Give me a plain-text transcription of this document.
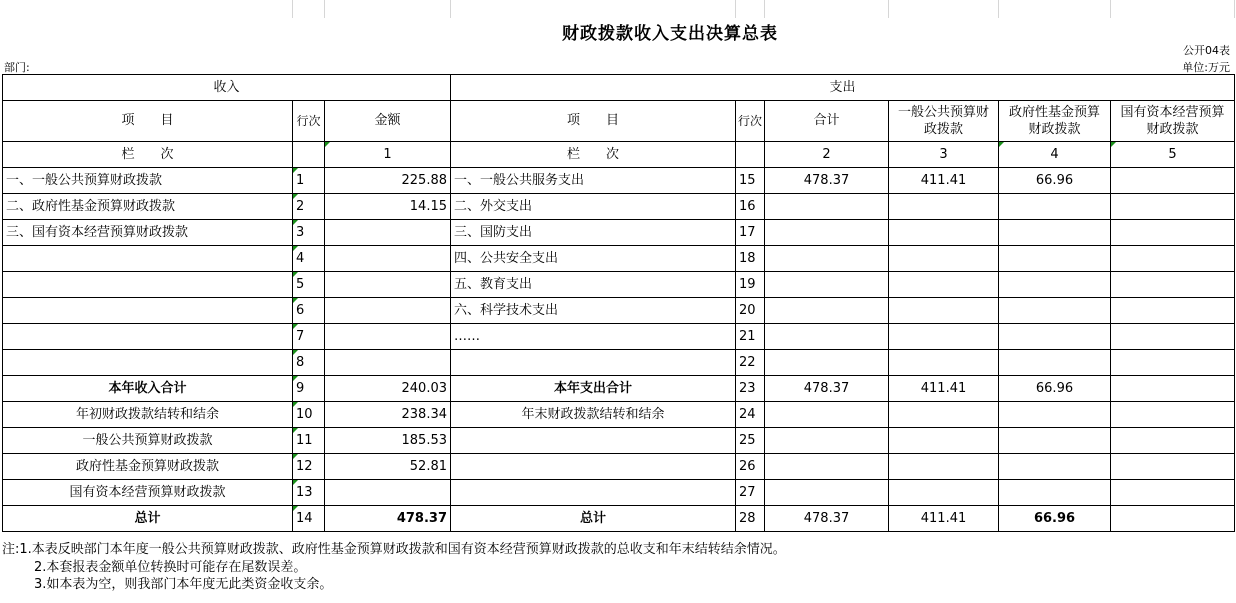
财政拨款收入支出决算总表
公开04表
部门:	单位:万元
收入			支出					
项　　目	行次	金额	项　　目	行次	合计	一般公共预算财政拨款	政府性基金预算财政拨款	国有资本经营预算财政拨款
栏　　次		1	栏　　次		2	3	4	5
一、一般公共预算财政拨款	1	225.88	一、一般公共服务支出	15	478.37	411.41	66.96	
二、政府性基金预算财政拨款	2	14.15	二、外交支出	16				
三、国有资本经营预算财政拨款	3		三、国防支出	17				
	4		四、公共安全支出	18				
	5		五、教育支出	19				
	6		六、科学技术支出	20				
	7		……	21				
	8			22				
本年收入合计	9	240.03	本年支出合计	23	478.37	411.41	66.96	
年初财政拨款结转和结余	10	238.34	年末财政拨款结转和结余	24				
一般公共预算财政拨款	11	185.53		25				
政府性基金预算财政拨款	12	52.81		26				
国有资本经营预算财政拨款	13			27				
总计	14	478.37	总计	28	478.37	411.41	66.96	
注:1.本表反映部门本年度一般公共预算财政拨款、政府性基金预算财政拨款和国有资本经营预算财政拨款的总收支和年末结转结余情况。
2.本套报表金额单位转换时可能存在尾数误差。
3.如本表为空，则我部门本年度无此类资金收支余。
